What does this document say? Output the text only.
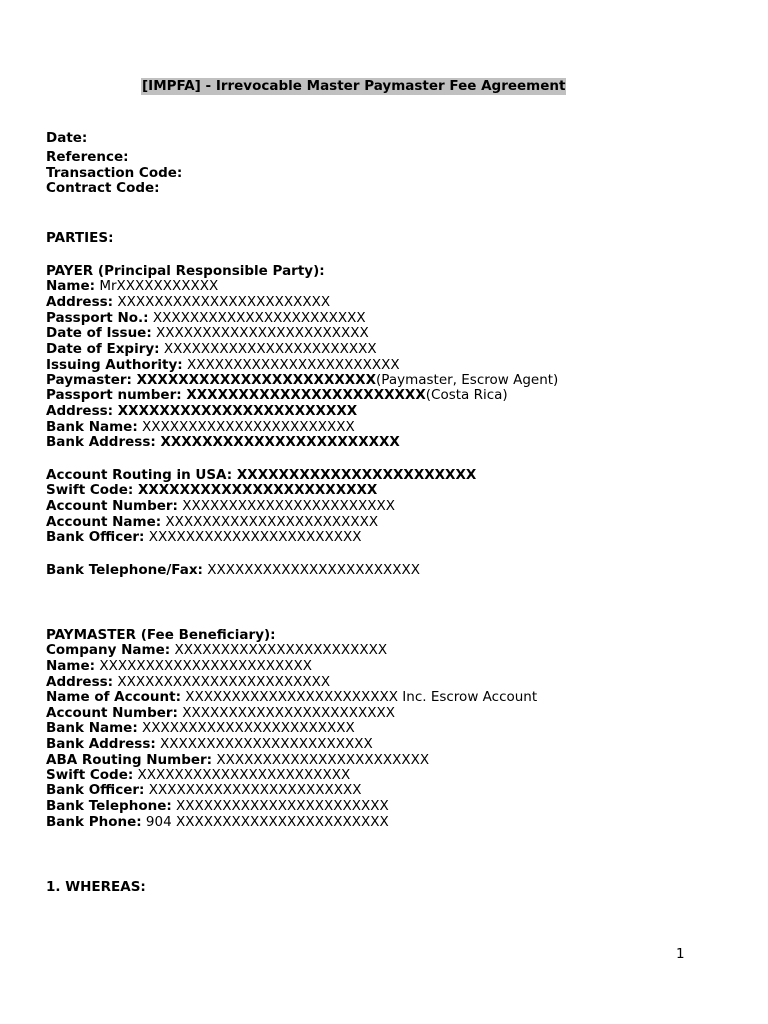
[IMPFA] - Irrevocable Master Paymaster Fee Agreement
Date:
Reference:
Transaction Code:
Contract Code:
PARTIES:
PAYER (Principal Responsible Party):
Name: MrXXXXXXXXXXX
Address: XXXXXXXXXXXXXXXXXXXXXXX
Passport No.: XXXXXXXXXXXXXXXXXXXXXXX
Date of Issue: XXXXXXXXXXXXXXXXXXXXXXX
Date of Expiry: XXXXXXXXXXXXXXXXXXXXXXX
Issuing Authority: XXXXXXXXXXXXXXXXXXXXXXX
Paymaster: XXXXXXXXXXXXXXXXXXXXXXX(Paymaster, Escrow Agent)
Passport number: XXXXXXXXXXXXXXXXXXXXXXX(Costa Rica)
Address: XXXXXXXXXXXXXXXXXXXXXXX
Bank Name: XXXXXXXXXXXXXXXXXXXXXXX
Bank Address: XXXXXXXXXXXXXXXXXXXXXXX
Account Routing in USA: XXXXXXXXXXXXXXXXXXXXXXX
Swift Code: XXXXXXXXXXXXXXXXXXXXXXX
Account Number: XXXXXXXXXXXXXXXXXXXXXXX
Account Name: XXXXXXXXXXXXXXXXXXXXXXX
Bank Officer: XXXXXXXXXXXXXXXXXXXXXXX
Bank Telephone/Fax: XXXXXXXXXXXXXXXXXXXXXXX
PAYMASTER (Fee Beneficiary):
Company Name: XXXXXXXXXXXXXXXXXXXXXXX
Name: XXXXXXXXXXXXXXXXXXXXXXX
Address: XXXXXXXXXXXXXXXXXXXXXXX
Name of Account: XXXXXXXXXXXXXXXXXXXXXXX Inc. Escrow Account
Account Number: XXXXXXXXXXXXXXXXXXXXXXX
Bank Name: XXXXXXXXXXXXXXXXXXXXXXX
Bank Address: XXXXXXXXXXXXXXXXXXXXXXX
ABA Routing Number: XXXXXXXXXXXXXXXXXXXXXXX
Swift Code: XXXXXXXXXXXXXXXXXXXXXXX
Bank Officer: XXXXXXXXXXXXXXXXXXXXXXX
Bank Telephone: XXXXXXXXXXXXXXXXXXXXXXX
Bank Phone: 904 XXXXXXXXXXXXXXXXXXXXXXX
1. WHEREAS:
1
